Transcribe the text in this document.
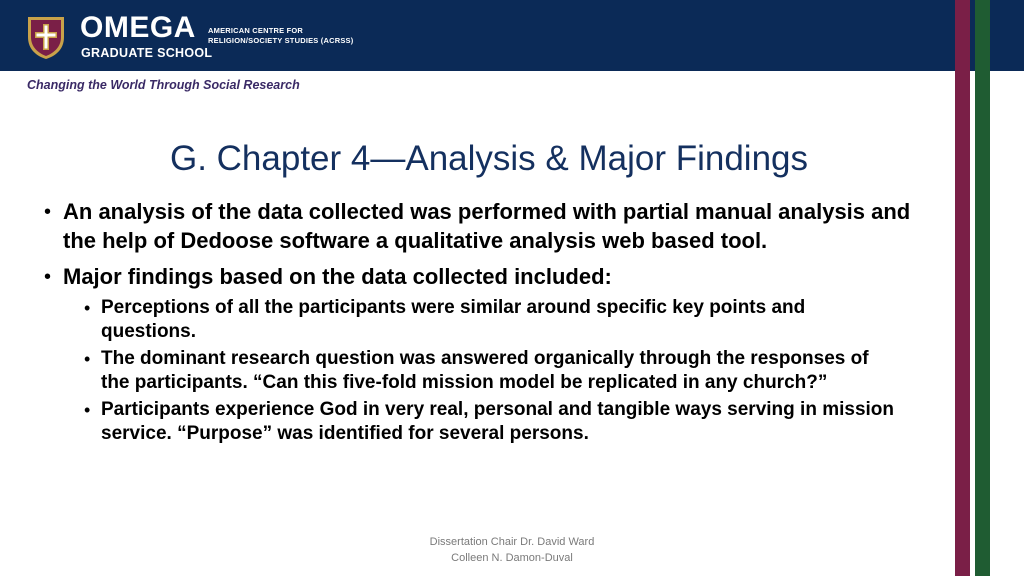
OMEGA
GRADUATE SCHOOL
AMERICAN CENTRE FOR
RELIGION/SOCIETY STUDIES (ACRSS)
Changing the World Through Social Research
G. Chapter 4—Analysis & Major Findings
• An analysis of the data collected was performed with partial manual analysis and the help of Dedoose software a qualitative analysis web based tool.
• Major findings based on the data collected included:
• Perceptions of all the participants were similar around specific key points and questions.
• The dominant research question was answered organically through the responses of the participants. “Can this five-fold mission model be replicated in any church?”
• Participants experience God in very real, personal and tangible ways serving in mission service. “Purpose” was identified for several persons.
Dissertation Chair Dr. David Ward
Colleen N. Damon-Duval
